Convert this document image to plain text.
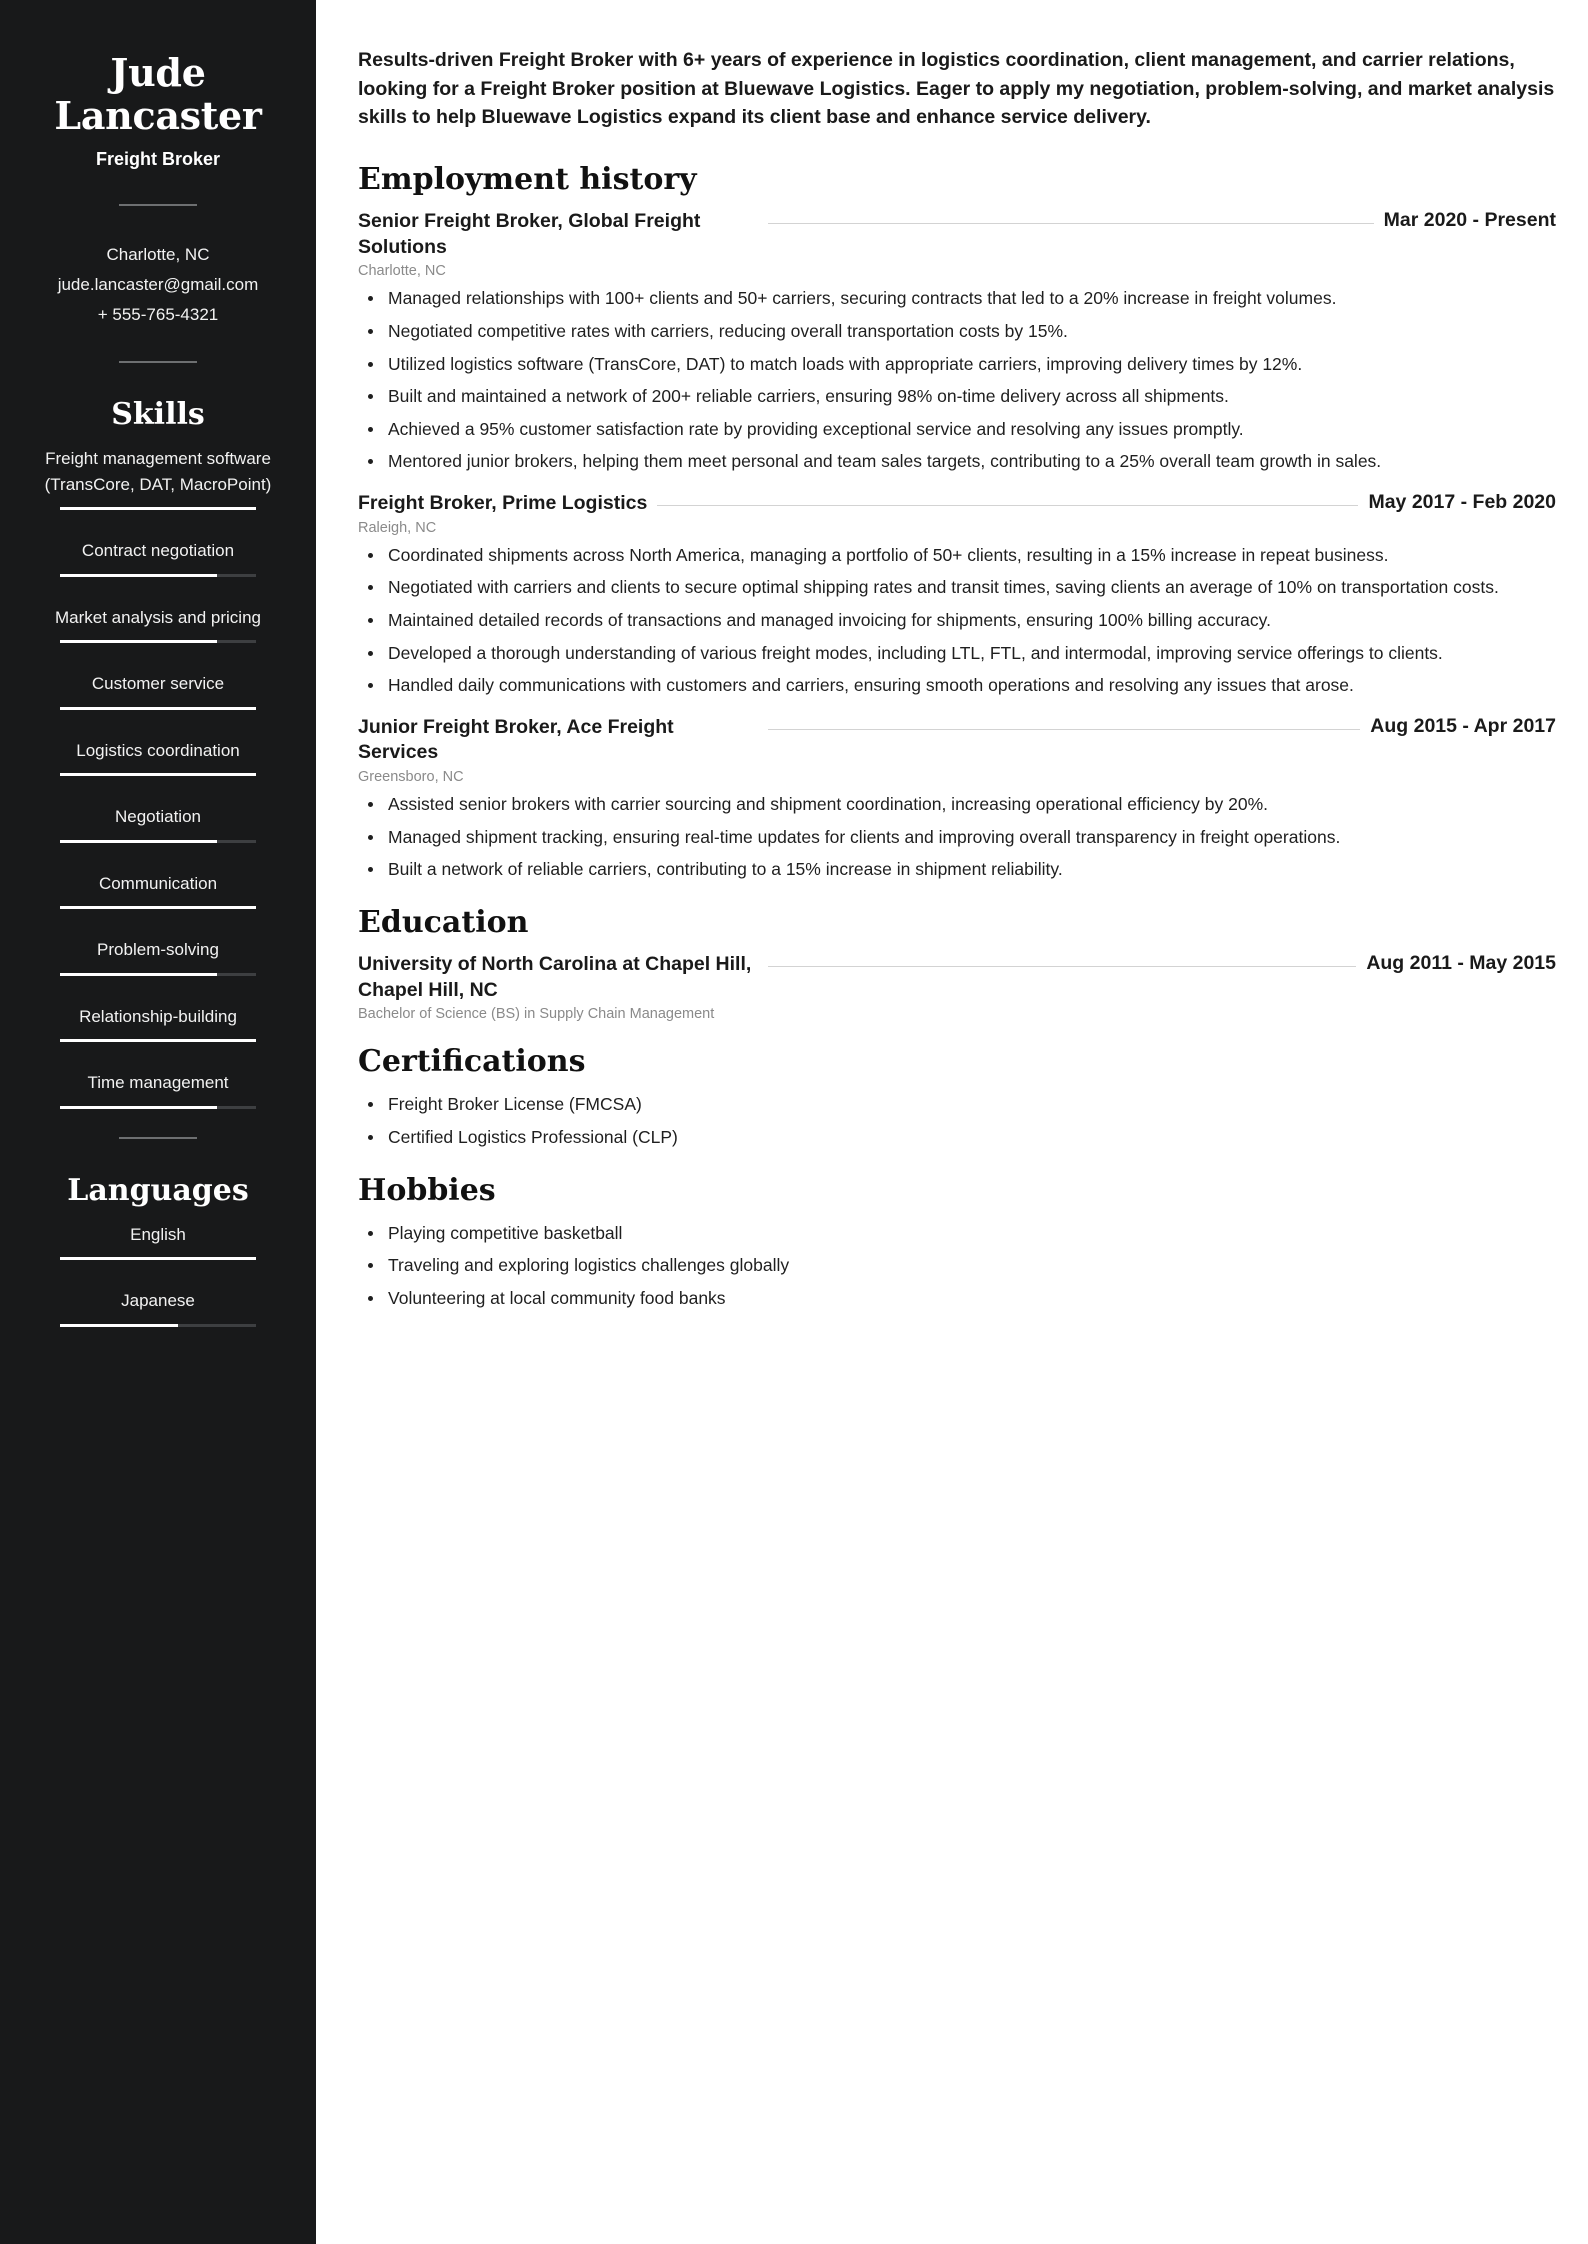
Jude Lancaster
Freight Broker
Charlotte, NC
jude.lancaster@gmail.com
+ 555-765-4321
Skills
Freight management software (TransCore, DAT, MacroPoint)
Contract negotiation
Market analysis and pricing
Customer service
Logistics coordination
Negotiation
Communication
Problem-solving
Relationship-building
Time management
Languages
English
Japanese

Results-driven Freight Broker with 6+ years of experience in logistics coordination, client management, and carrier relations, looking for a Freight Broker position at Bluewave Logistics. Eager to apply my negotiation, problem-solving, and market analysis skills to help Bluewave Logistics expand its client base and enhance service delivery.

Employment history
Senior Freight Broker, Global Freight Solutions
Mar 2020 - Present
Charlotte, NC
Managed relationships with 100+ clients and 50+ carriers, securing contracts that led to a 20% increase in freight volumes.
Negotiated competitive rates with carriers, reducing overall transportation costs by 15%.
Utilized logistics software (TransCore, DAT) to match loads with appropriate carriers, improving delivery times by 12%.
Built and maintained a network of 200+ reliable carriers, ensuring 98% on-time delivery across all shipments.
Achieved a 95% customer satisfaction rate by providing exceptional service and resolving any issues promptly.
Mentored junior brokers, helping them meet personal and team sales targets, contributing to a 25% overall team growth in sales.
Freight Broker, Prime Logistics	May 2017 - Feb 2020
Raleigh, NC
Coordinated shipments across North America, managing a portfolio of 50+ clients, resulting in a 15% increase in repeat business.
Negotiated with carriers and clients to secure optimal shipping rates and transit times, saving clients an average of 10% on transportation costs.
Maintained detailed records of transactions and managed invoicing for shipments, ensuring 100% billing accuracy.
Developed a thorough understanding of various freight modes, including LTL, FTL, and intermodal, improving service offerings to clients.
Handled daily communications with customers and carriers, ensuring smooth operations and resolving any issues that arose.
Junior Freight Broker, Ace Freight Services
Aug 2015 - Apr 2017
Greensboro, NC
Assisted senior brokers with carrier sourcing and shipment coordination, increasing operational efficiency by 20%.
Managed shipment tracking, ensuring real-time updates for clients and improving overall transparency in freight operations.
Built a network of reliable carriers, contributing to a 15% increase in shipment reliability.
Education
University of North Carolina at Chapel Hill, Chapel Hill, NC
Aug 2011 - May 2015
Bachelor of Science (BS) in Supply Chain Management
Certifications
Freight Broker License (FMCSA)
Certified Logistics Professional (CLP)
Hobbies
Playing competitive basketball
Traveling and exploring logistics challenges globally
Volunteering at local community food banks
